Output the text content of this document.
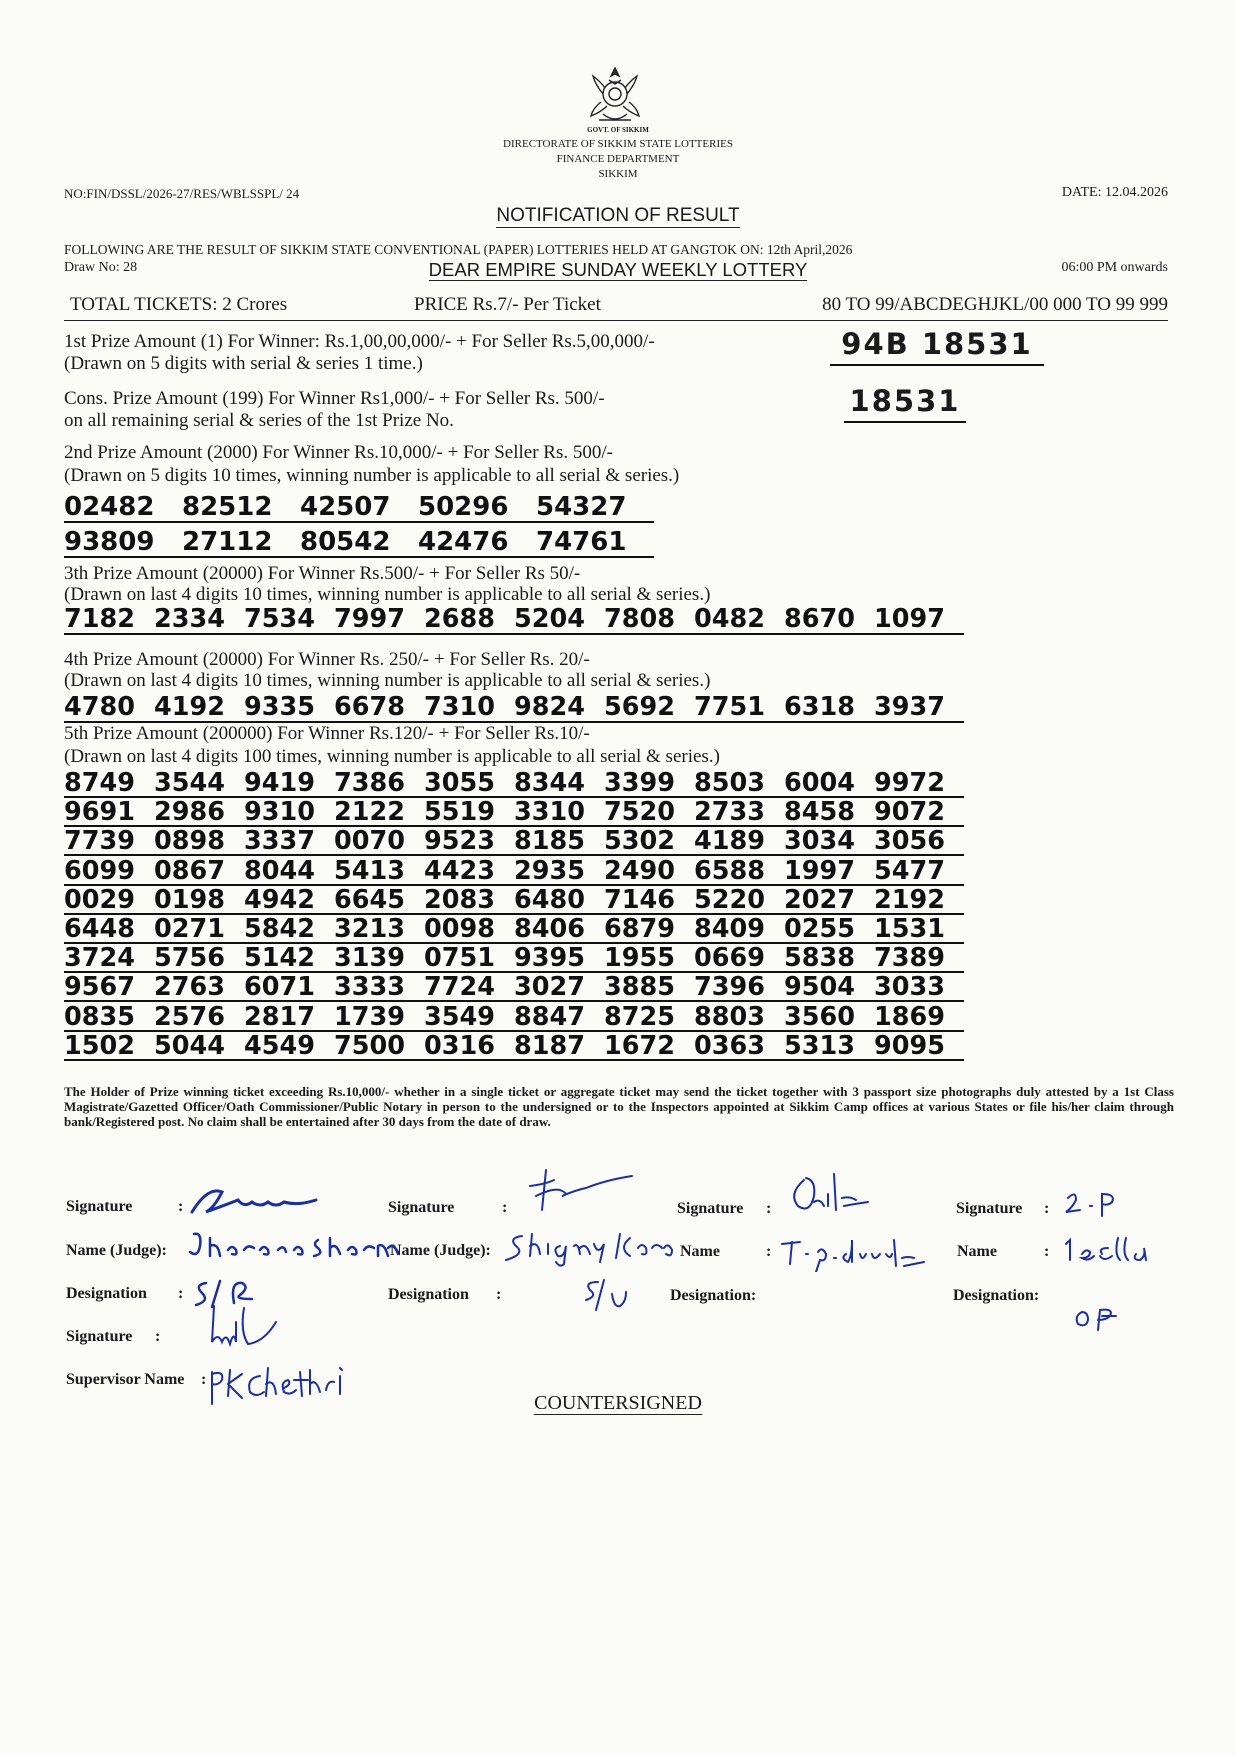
GOVT. OF SIKKIM
DIRECTORATE OF SIKKIM STATE LOTTERIES
FINANCE DEPARTMENT
SIKKIM
NO:FIN/DSSL/2026-27/RES/WBLSSPL/ 24	DATE: 12.04.2026
NOTIFICATION OF RESULT
FOLLOWING ARE THE RESULT OF SIKKIM STATE CONVENTIONAL (PAPER) LOTTERIES HELD AT GANGTOK ON: 12th April,2026
Draw No: 28	DEAR EMPIRE SUNDAY WEEKLY LOTTERY	06:00 PM onwards
TOTAL TICKETS: 2 Crores	PRICE Rs.7/- Per Ticket	80 TO 99/ABCDEGHJKL/00 000 TO 99 999
1st Prize Amount (1) For Winner: Rs.1,00,00,000/- + For Seller Rs.5,00,000/-
(Drawn on 5 digits with serial & series 1 time.)
94B 18531
Cons. Prize Amount (199) For Winner Rs1,000/- + For Seller Rs. 500/-
on all remaining serial & series of the 1st Prize No.
18531
2nd Prize Amount (2000) For Winner Rs.10,000/- + For Seller Rs. 500/-
(Drawn on 5 digits 10 times, winning number is applicable to all serial & series.)
02482 82512 42507 50296 54327
93809 27112 80542 42476 74761
3th Prize Amount (20000) For Winner Rs.500/- + For Seller Rs 50/-
(Drawn on last 4 digits 10 times, winning number is applicable to all serial & series.)
7182 2334 7534 7997 2688 5204 7808 0482 8670 1097
4th Prize Amount (20000) For Winner Rs. 250/- + For Seller Rs. 20/-
(Drawn on last 4 digits 10 times, winning number is applicable to all serial & series.)
4780 4192 9335 6678 7310 9824 5692 7751 6318 3937
5th Prize Amount (200000) For Winner Rs.120/- + For Seller Rs.10/-
(Drawn on last 4 digits 100 times, winning number is applicable to all serial & series.)
8749 3544 9419 7386 3055 8344 3399 8503 6004 9972
9691 2986 9310 2122 5519 3310 7520 2733 8458 9072
7739 0898 3337 0070 9523 8185 5302 4189 3034 3056
6099 0867 8044 5413 4423 2935 2490 6588 1997 5477
0029 0198 4942 6645 2083 6480 7146 5220 2027 2192
6448 0271 5842 3213 0098 8406 6879 8409 0255 1531
3724 5756 5142 3139 0751 9395 1955 0669 5838 7389
9567 2763 6071 3333 7724 3027 3885 7396 9504 3033
0835 2576 2817 1739 3549 8847 8725 8803 3560 1869
1502 5044 4549 7500 0316 8187 1672 0363 5313 9095
The Holder of Prize winning ticket exceeding Rs.10,000/- whether in a single ticket or aggregate ticket may send the ticket together with 3 passport size photographs duly attested by a 1st Class Magistrate/Gazetted Officer/Oath Commissioner/Public Notary in person to the undersigned or to the Inspectors appointed at Sikkim Camp offices at various States or file his/her claim through bank/Registered post. No claim shall be entertained after 30 days from the date of draw.
Signature	:
Name (Judge):
Designation :
Signature :
Supervisor Name :
Signature	:
Name (Judge):
Designation :
Signature :
Name	:
Designation:
Signature :
Name	:
Designation:
COUNTERSIGNED
